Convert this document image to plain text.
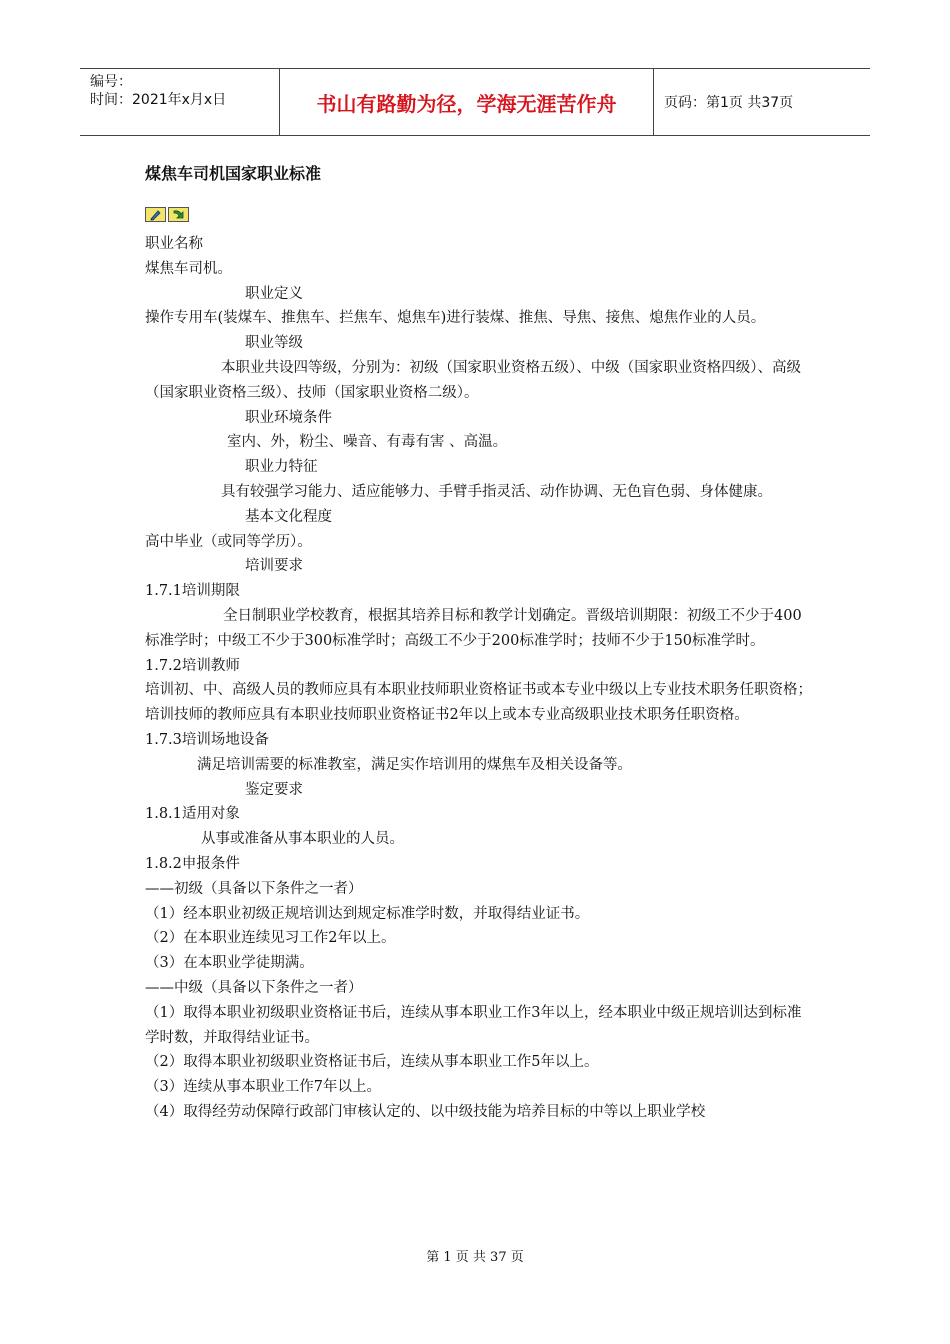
编号：
时间：2021年x月x日	书山有路勤为径，学海无涯苦作舟	页码：第1页 共37页
煤焦车司机国家职业标准

职业名称

煤焦车司机。

职业定义

操作专用车(装煤车、推焦车、拦焦车、熄焦车)进行装煤、推焦、导焦、接焦、熄焦作业的人员。

职业等级

本职业共设四等级，分别为：初级（国家职业资格五级）、中级（国家职业资格四级）、高级（国家职业资格三级）、技师（国家职业资格二级）。

职业环境条件

室内、外，粉尘、噪音、有毒有害 、高温。

职业力特征

具有较强学习能力、适应能够力、手臂手指灵活、动作协调、无色盲色弱、身体健康。

基本文化程度

高中毕业（或同等学历）。

培训要求

1.7.1培训期限

全日制职业学校教育，根据其培养目标和教学计划确定。晋级培训期限：初级工不少于400标准学时；中级工不少于300标准学时；高级工不少于200标准学时；技师不少于150标准学时。

1.7.2培训教师

培训初、中、高级人员的教师应具有本职业技师职业资格证书或本专业中级以上专业技术职务任职资格；培训技师的教师应具有本职业技师职业资格证书2年以上或本专业高级职业技术职务任职资格。

1.7.3培训场地设备

满足培训需要的标准教室，满足实作培训用的煤焦车及相关设备等。

鉴定要求

1.8.1适用对象

从事或准备从事本职业的人员。

1.8.2申报条件

——初级（具备以下条件之一者）

（1）经本职业初级正规培训达到规定标准学时数，并取得结业证书。

（2）在本职业连续见习工作2年以上。

（3）在本职业学徒期满。

——中级（具备以下条件之一者）

（1）取得本职业初级职业资格证书后，连续从事本职业工作3年以上，经本职业中级正规培训达到标准学时数，并取得结业证书。

（2）取得本职业初级职业资格证书后，连续从事本职业工作5年以上。

（3）连续从事本职业工作7年以上。

（4）取得经劳动保障行政部门审核认定的、以中级技能为培养目标的中等以上职业学校

第 1 页 共 37 页
